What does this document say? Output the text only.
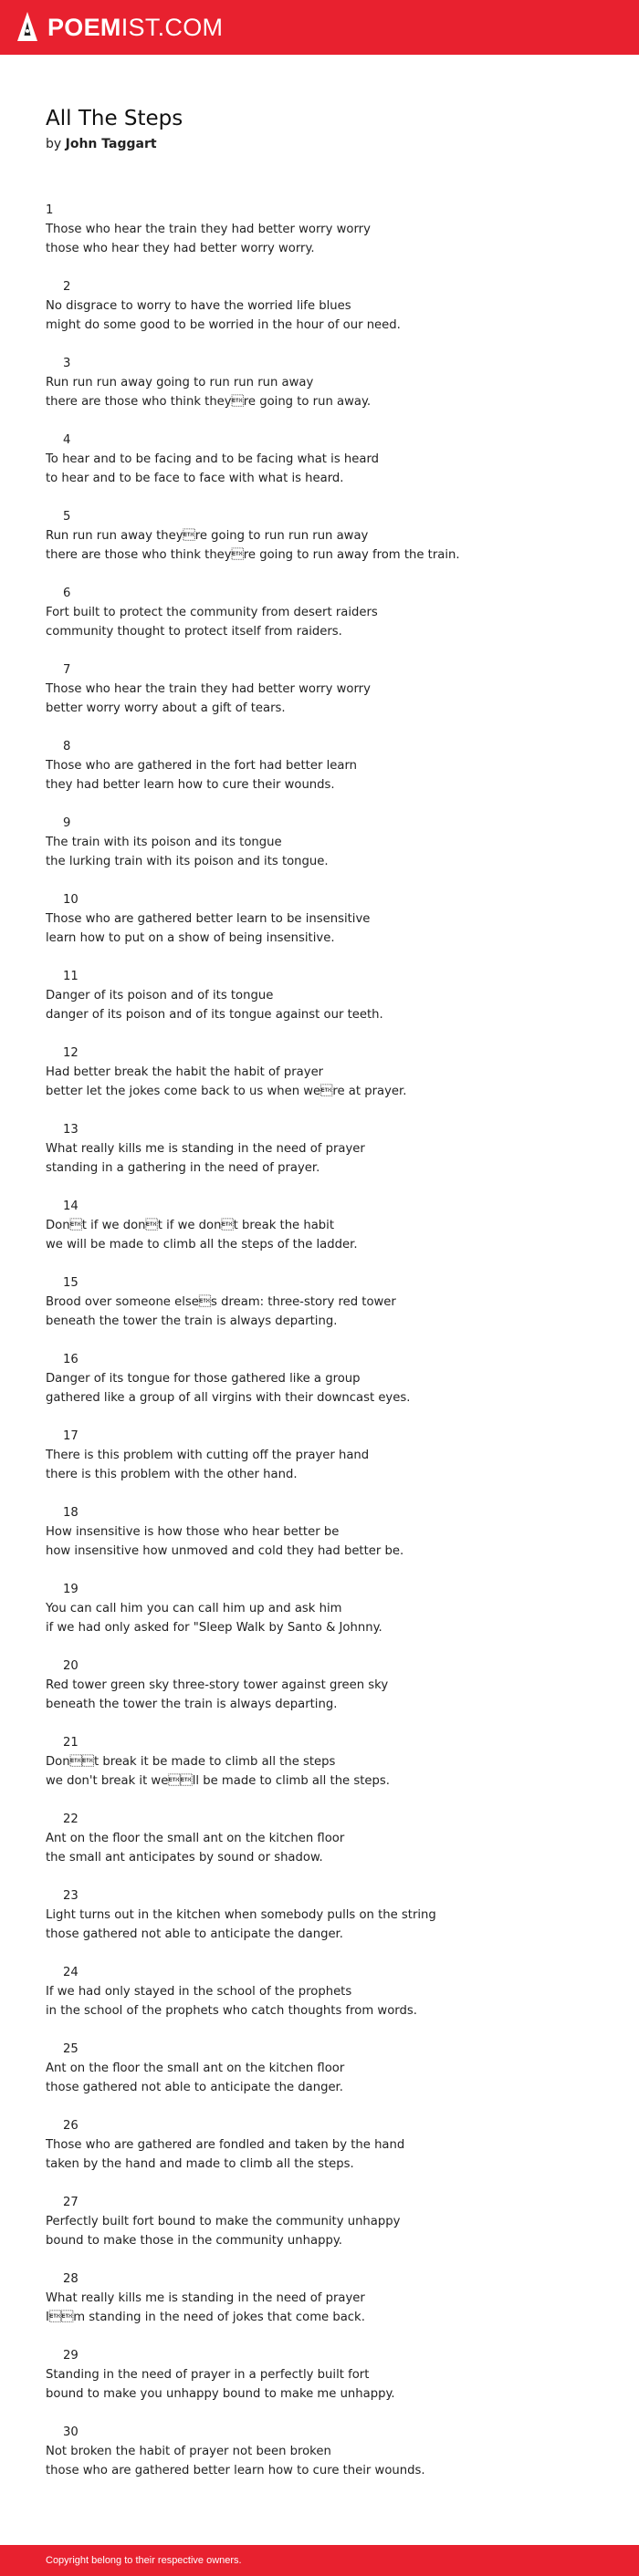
POEMIST.COM
All The Steps
by John Taggart
1
Those who hear the train they had better worry worry
those who hear they had better worry worry.
2
No disgrace to worry to have the worried life blues
might do some good to be worried in the hour of our need.
3
Run run run away going to run run run away
there are those who think theyre going to run away.
4
To hear and to be facing and to be facing what is heard
to hear and to be face to face with what is heard.
5
Run run run away theyre going to run run run away
there are those who think theyre going to run away from the train.
6
Fort built to protect the community from desert raiders
community thought to protect itself from raiders.
7
Those who hear the train they had better worry worry
better worry worry about a gift of tears.
8
Those who are gathered in the fort had better learn
they had better learn how to cure their wounds.
9
The train with its poison and its tongue
the lurking train with its poison and its tongue.
10
Those who are gathered better learn to be insensitive
learn how to put on a show of being insensitive.
11
Danger of its poison and of its tongue
danger of its poison and of its tongue against our teeth.
12
Had better break the habit the habit of prayer
better let the jokes come back to us when were at prayer.
13
What really kills me is standing in the need of prayer
standing in a gathering in the need of prayer.
14
Dont if we dont if we dont break the habit
we will be made to climb all the steps of the ladder.
15
Brood over someone elses dream: three-story red tower
beneath the tower the train is always departing.
16
Danger of its tongue for those gathered like a group
gathered like a group of all virgins with their downcast eyes.
17
There is this problem with cutting off the prayer hand
there is this problem with the other hand.
18
How insensitive is how those who hear better be
how insensitive how unmoved and cold they had better be.
19
You can call him you can call him up and ask him
if we had only asked for "Sleep Walk by Santo & Johnny.
20
Red tower green sky three-story tower against green sky
beneath the tower the train is always departing.
21
Dont break it be made to climb all the steps
we don't break it well be made to climb all the steps.
22
Ant on the floor the small ant on the kitchen floor
the small ant anticipates by sound or shadow.
23
Light turns out in the kitchen when somebody pulls on the string
those gathered not able to anticipate the danger.
24
If we had only stayed in the school of the prophets
in the school of the prophets who catch thoughts from words.
25
Ant on the floor the small ant on the kitchen floor
those gathered not able to anticipate the danger.
26
Those who are gathered are fondled and taken by the hand
taken by the hand and made to climb all the steps.
27
Perfectly built fort bound to make the community unhappy
bound to make those in the community unhappy.
28
What really kills me is standing in the need of prayer
Im standing in the need of jokes that come back.
29
Standing in the need of prayer in a perfectly built fort
bound to make you unhappy bound to make me unhappy.
30
Not broken the habit of prayer not been broken
those who are gathered better learn how to cure their wounds.
Copyright belong to their respective owners.
